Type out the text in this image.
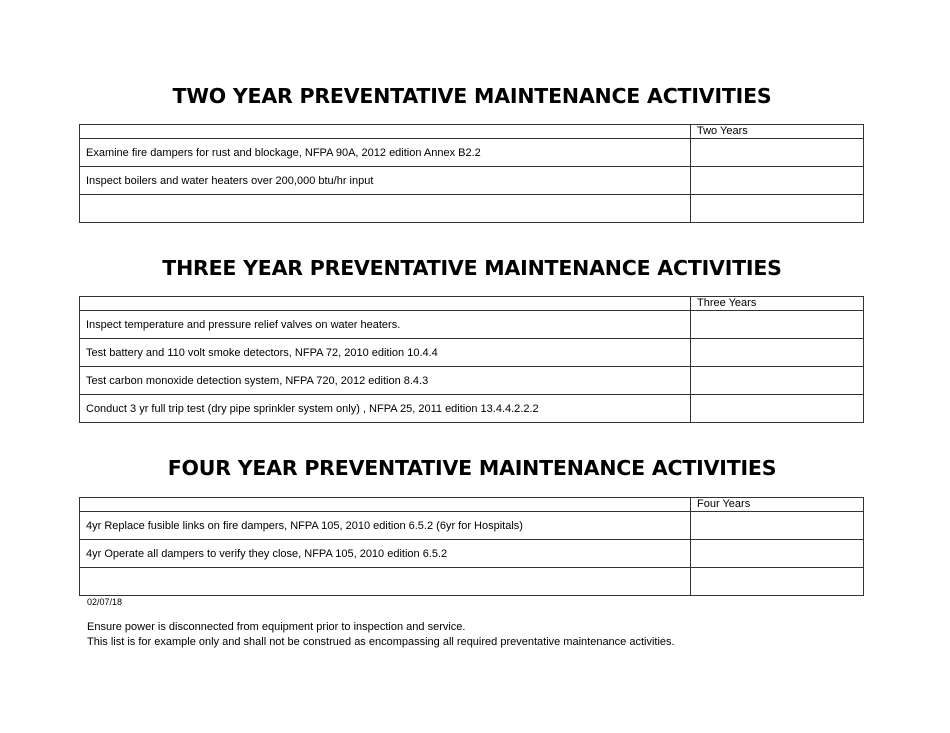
TWO YEAR PREVENTATIVE MAINTENANCE ACTIVITIES
	Two Years
Examine fire dampers for rust and blockage, NFPA 90A, 2012 edition Annex B2.2	
Inspect boilers and water heaters over 200,000 btu/hr input	

THREE YEAR PREVENTATIVE MAINTENANCE ACTIVITIES
	Three Years
Inspect temperature and pressure relief valves on water heaters.	
Test battery and 110 volt smoke detectors, NFPA 72, 2010 edition 10.4.4	
Test carbon monoxide detection system, NFPA 720, 2012 edition 8.4.3	
Conduct 3 yr full trip test (dry pipe sprinkler system only) , NFPA 25, 2011 edition 13.4.4.2.2.2	
FOUR YEAR PREVENTATIVE MAINTENANCE ACTIVITIES
	Four Years
4yr Replace fusible links on fire dampers, NFPA 105, 2010 edition 6.5.2 (6yr for Hospitals)	
4yr Operate all dampers to verify they close, NFPA 105, 2010 edition 6.5.2	

02/07/18
Ensure power is disconnected from equipment prior to inspection and service.
This list is for example only and shall not be construed as encompassing all required preventative maintenance activities.
